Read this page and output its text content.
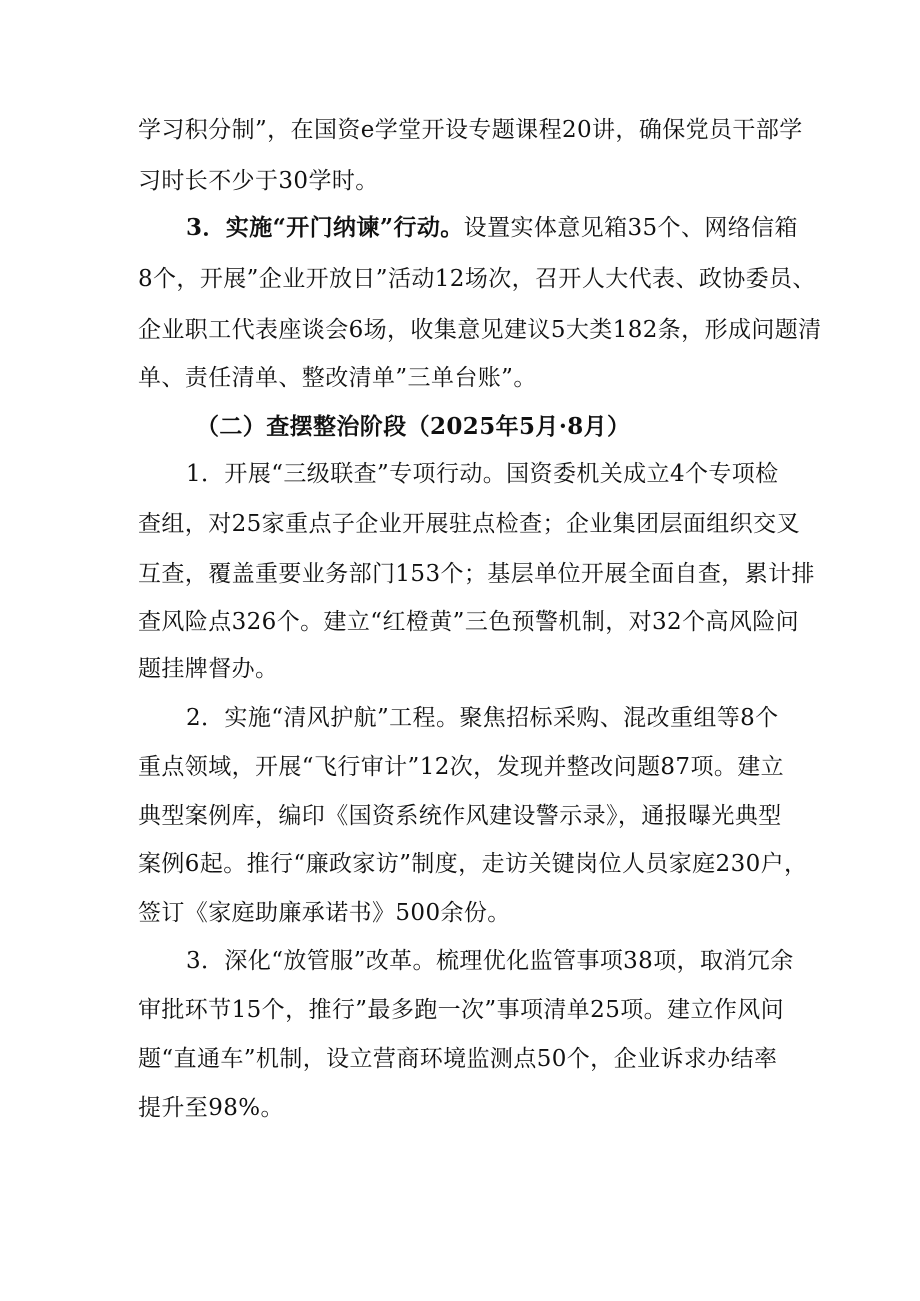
学习积分制”，在国资e学堂开设专题课程20讲，确保党员干部学
习时长不少于30学时。
3．实施“开门纳谏”行动。设置实体意见箱35个、网络信箱
8个，开展”企业开放日”活动12场次，召开人大代表、政协委员、
企业职工代表座谈会6场，收集意见建议5大类182条，形成问题清
单、责任清单、整改清单”三单台账”。
（二）查摆整治阶段（2025年5月·8月）
1．开展“三级联查”专项行动。国资委机关成立4个专项检
查组，对25家重点子企业开展驻点检查；企业集团层面组织交叉
互查，覆盖重要业务部门153个；基层单位开展全面自查，累计排
查风险点326个。建立“红橙黄”三色预警机制，对32个高风险问
题挂牌督办。
2．实施“清风护航”工程。聚焦招标采购、混改重组等8个
重点领域，开展“飞行审计”12次，发现并整改问题87项。建立
典型案例库，编印《国资系统作风建设警示录》，通报曝光典型
案例6起。推行“廉政家访”制度，走访关键岗位人员家庭230户，
签订《家庭助廉承诺书》500余份。
3．深化“放管服”改革。梳理优化监管事项38项，取消冗余
审批环节15个，推行”最多跑一次”事项清单25项。建立作风问
题“直通车”机制，设立营商环境监测点50个，企业诉求办结率
提升至98%。
